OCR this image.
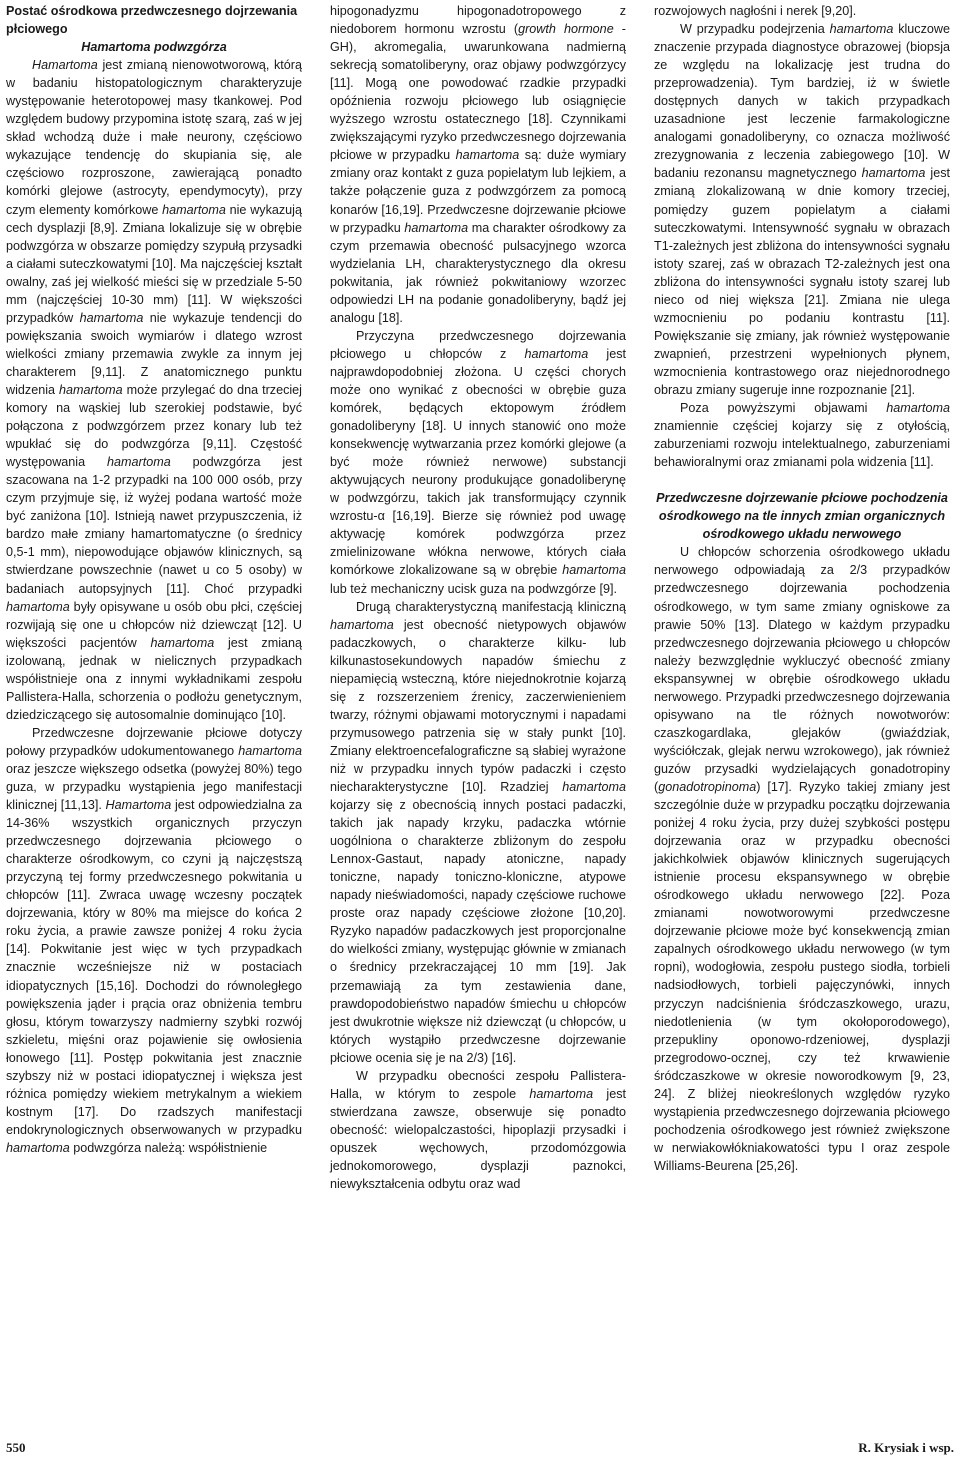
Postać ośrodkowa przedwczesnego dojrzewania płciowego
Hamartoma podwzgórza

Hamartoma jest zmianą nienowotworową, którą w badaniu histopatologicznym charakteryzuje występowanie heterotopowej masy tkankowej. Pod względem budowy przypomina istotę szarą, zaś w jej skład wchodzą duże i małe neurony, częściowo wykazujące tendencję do skupiania się, ale częściowo rozproszone, zawierającą ponadto komórki glejowe (astrocyty, ependymocyty), przy czym elementy komórkowe hamartoma nie wykazują cech dysplazji [8,9]. Zmiana lokalizuje się w obrębie podwzgórza w obszarze pomiędzy szypułą przysadki a ciałami suteczkowatymi [10]. Ma najczęściej kształt owalny, zaś jej wielkość mieści się w przedziale 5-50 mm (najczęściej 10-30 mm) [11]. W większości przypadków hamartoma nie wykazuje tendencji do powiększania swoich wymiarów i dlatego wzrost wielkości zmiany przemawia zwykle za innym jej charakterem [9,11]. Z anatomicznego punktu widzenia hamartoma może przylegać do dna trzeciej komory na wąskiej lub szerokiej podstawie, być połączona z podwzgórzem przez konary lub też wpukłać się do podwzgórza [9,11]. Częstość występowania hamartoma podwzgórza jest szacowana na 1-2 przypadki na 100 000 osób, przy czym przyjmuje się, iż wyżej podana wartość może być zaniżona [10]. Istnieją nawet przypuszczenia, iż bardzo małe zmiany hamartomatyczne (o średnicy 0,5-1 mm), niepowodujące objawów klinicznych, są stwierdzane powszechnie (nawet u co 5 osoby) w badaniach autopsyjnych [11]. Choć przypadki hamartoma były opisywane u osób obu płci, częściej rozwijają się one u chłopców niż dziewcząt [12]. U większości pacjentów hamartoma jest zmianą izolowaną, jednak w nielicznych przypadkach współistnieje ona z innymi wykładnikami zespołu Pallistera-Halla, schorzenia o podłożu genetycznym, dziedziczącego się autosomalnie dominująco [10].

Przedwczesne dojrzewanie płciowe dotyczy połowy przypadków udokumentowanego hamartoma oraz jeszcze większego odsetka (powyżej 80%) tego guza, w przypadku wystąpienia jego manifestacji klinicznej [11,13]. Hamartoma jest odpowiedzialna za 14-36% wszystkich organicznych przyczyn przedwczesnego dojrzewania płciowego o charakterze ośrodkowym, co czyni ją najczęstszą przyczyną tej formy przedwczesnego pokwitania u chłopców [11]. Zwraca uwagę wczesny początek dojrzewania, który w 80% ma miejsce do końca 2 roku życia, a prawie zawsze poniżej 4 roku życia [14]. Pokwitanie jest więc w tych przypadkach znacznie wcześniejsze niż w postaciach idiopatycznych [15,16]. Dochodzi do równoległego powiększenia jąder i prącia oraz obniżenia tembru głosu, którym towarzyszy nadmierny szybki rozwój szkieletu, mięśni oraz pojawienie się owłosienia łonowego [11]. Postęp pokwitania jest znacznie szybszy niż w postaci idiopatycznej i większa jest różnica pomiędzy wiekiem metrykalnym a wiekiem kostnym [17]. Do rzadszych manifestacji endokrynologicznych obserwowanych w przypadku hamartoma podwzgórza należą: współistnienie

hipogonadyzmu hipogonadotropowego z niedoborem hormonu wzrostu (growth hormone - GH), akromegalia, uwarunkowana nadmierną sekrecją somatoliberyny, oraz objawy podwzgórzycy [11]. Mogą one powodować rzadkie przypadki opóźnienia rozwoju płciowego lub osiągnięcie wyższego wzrostu ostatecznego [18]. Czynnikami zwiększającymi ryzyko przedwczesnego dojrzewania płciowe w przypadku hamartoma są: duże wymiary zmiany oraz kontakt z guza popielatym lub lejkiem, a także połączenie guza z podwzgórzem za pomocą konarów [16,19]. Przedwczesne dojrzewanie płciowe w przypadku hamartoma ma charakter ośrodkowy za czym przemawia obecność pulsacyjnego wzorca wydzielania LH, charakterystycznego dla okresu pokwitania, jak również pokwitaniowy wzorzec odpowiedzi LH na podanie gonadoliberyny, bądź jej analogu [18].

Przyczyna przedwczesnego dojrzewania płciowego u chłopców z hamartoma jest najprawdopodobniej złożona. U części chorych może ono wynikać z obecności w obrębie guza komórek, będących ektopowym źródłem gonadoliberyny [18]. U innych stanowić ono może konsekwencję wytwarzania przez komórki glejowe (a być może również nerwowe) substancji aktywujących neurony produkujące gonadoliberynę w podwzgórzu, takich jak transformujący czynnik wzrostu-α [16,19]. Bierze się również pod uwagę aktywację komórek podwzgórza przez zmielinizowane włókna nerwowe, których ciała komórkowe zlokalizowane są w obrębie hamartoma lub też mechaniczny ucisk guza na podwzgórze [9].

Drugą charakterystyczną manifestacją kliniczną hamartoma jest obecność nietypowych objawów padaczkowych, o charakterze kilku- lub kilkunastosekundowych napadów śmiechu z niepamięcią wsteczną, które niejednokrotnie kojarzą się z rozszerzeniem źrenicy, zaczerwienieniem twarzy, różnymi objawami motorycznymi i napadami przymusowego patrzenia się w stały punkt [10]. Zmiany elektroencefalograficzne są słabiej wyrażone niż w przypadku innych typów padaczki i często niecharakterystyczne [10]. Rzadziej hamartoma kojarzy się z obecnością innych postaci padaczki, takich jak napady krzyku, padaczka wtórnie uogólniona o charakterze zbliżonym do zespołu Lennox-Gastaut, napady atoniczne, napady toniczne, napady toniczno-kloniczne, atypowe napady nieświadomości, napady częściowe ruchowe proste oraz napady częściowe złożone [10,20]. Ryzyko napadów padaczkowych jest proporcjonalne do wielkości zmiany, występując głównie w zmianach o średnicy przekraczającej 10 mm [19]. Jak przemawiają za tym zestawienia dane, prawdopodobieństwo napadów śmiechu u chłopców jest dwukrotnie większe niż dziewcząt (u chłopców, u których wystąpiło przedwczesne dojrzewanie płciowe ocenia się je na 2/3) [16].

W przypadku obecności zespołu Pallistera-Halla, w którym to zespole hamartoma jest stwierdzana zawsze, obserwuje się ponadto obecność: wielopalczastości, hipoplazji przysadki i opuszek węchowych, przodomózgowia jednokomorowego, dysplazji paznokci, niewykształcenia odbytu oraz wad

rozwojowych nagłośni i nerek [9,20].

W przypadku podejrzenia hamartoma kluczowe znaczenie przypada diagnostyce obrazowej (biopsja ze względu na lokalizację jest trudna do przeprowadzenia). Tym bardziej, iż w świetle dostępnych danych w takich przypadkach uzasadnione jest leczenie farmakologiczne analogami gonadoliberyny, co oznacza możliwość zrezygnowania z leczenia zabiegowego [10]. W badaniu rezonansu magnetycznego hamartoma jest zmianą zlokalizowaną w dnie komory trzeciej, pomiędzy guzem popielatym a ciałami suteczkowatymi. Intensywność sygnału w obrazach T1-zależnych jest zbliżona do intensywności sygnału istoty szarej, zaś w obrazach T2-zależnych jest ona zbliżona do intensywności sygnału istoty szarej lub nieco od niej większa [21]. Zmiana nie ulega wzmocnieniu po podaniu kontrastu [11]. Powiększanie się zmiany, jak również występowanie zwapnień, przestrzeni wypełnionych płynem, wzmocnienia kontrastowego oraz niejednorodnego obrazu zmiany sugeruje inne rozpoznanie [21].

Poza powyższymi objawami hamartoma znamiennie częściej kojarzy się z otyłością, zaburzeniami rozwoju intelektualnego, zaburzeniami behawioralnymi oraz zmianami pola widzenia [11].

Przedwczesne dojrzewanie płciowe pochodzenia ośrodkowego na tle innych zmian organicznych ośrodkowego układu nerwowego

U chłopców schorzenia ośrodkowego układu nerwowego odpowiadają za 2/3 przypadków przedwczesnego dojrzewania pochodzenia ośrodkowego, w tym same zmiany ogniskowe za prawie 50% [13]. Dlatego w każdym przypadku przedwczesnego dojrzewania płciowego u chłopców należy bezwzględnie wykluczyć obecność zmiany ekspansywnej w obrębie ośrodkowego układu nerwowego. Przypadki przedwczesnego dojrzewania opisywano na tle różnych nowotworów: czaszkogardlaka, glejaków (gwiaździak, wyściółczak, glejak nerwu wzrokowego), jak również guzów przysadki wydzielających gonadotropiny (gonadotropinoma) [17]. Ryzyko takiej zmiany jest szczególnie duże w przypadku początku dojrzewania poniżej 4 roku życia, przy dużej szybkości postępu dojrzewania oraz w przypadku obecności jakichkolwiek objawów klinicznych sugerujących istnienie procesu ekspansywnego w obrębie ośrodkowego układu nerwowego [22]. Poza zmianami nowotworowymi przedwczesne dojrzewanie płciowe może być konsekwencją zmian zapalnych ośrodkowego układu nerwowego (w tym ropni), wodogłowia, zespołu pustego siodła, torbieli nadsiodłowych, torbieli pajęczynówki, innych przyczyn nadciśnienia śródczaszkowego, urazu, niedotlenienia (w tym okołoporodowego), przepukliny oponowo-rdzeniowej, dysplazji przegrodowo-ocznej, czy też krwawienie śródczaszkowe w okresie noworodkowym [9, 23, 24]. Z bliżej nieokreślonych względów ryzyko wystąpienia przedwczesnego dojrzewania płciowego pochodzenia ośrodkowego jest również zwiększone w nerwiakowłókniakowatości typu I oraz zespole Williams-Beurena [25,26].

550	R. Krysiak i wsp.
